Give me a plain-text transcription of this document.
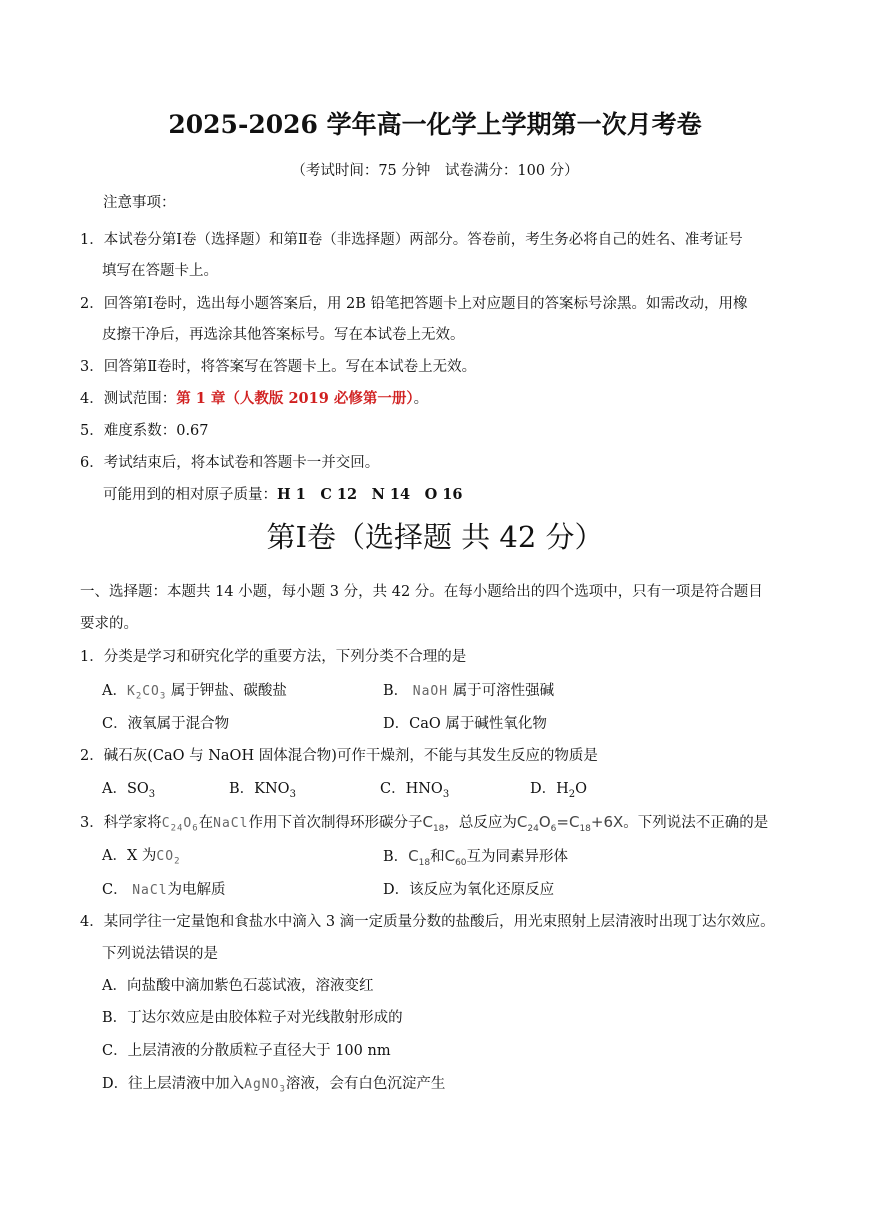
2025-2026 学年高一化学上学期第一次月考卷
（考试时间：75 分钟　试卷满分：100 分）
注意事项：
1．本试卷分第Ⅰ卷（选择题）和第Ⅱ卷（非选择题）两部分。答卷前，考生务必将自己的姓名、准考证号
填写在答题卡上。
2．回答第Ⅰ卷时，选出每小题答案后，用 2B 铅笔把答题卡上对应题目的答案标号涂黑。如需改动，用橡
皮擦干净后，再选涂其他答案标号。写在本试卷上无效。
3．回答第Ⅱ卷时，将答案写在答题卡上。写在本试卷上无效。
4．测试范围：第 1 章（人教版 2019 必修第一册）。
5．难度系数：0.67
6．考试结束后，将本试卷和答题卡一并交回。
可能用到的相对原子质量：H 1　C 12　N 14　O 16
第Ⅰ卷（选择题 共 42 分）
一、选择题：本题共 14 小题，每小题 3 分，共 42 分。在每小题给出的四个选项中，只有一项是符合题目
要求的。
1．分类是学习和研究化学的重要方法，下列分类不合理的是
A．$K_2CO_3$ 属于钾盐、碳酸盐	B． NaOH 属于可溶性强碱
C．液氧属于混合物	D．CaO 属于碱性氧化物
2．碱石灰(CaO 与 NaOH 固体混合物)可作干燥剂，不能与其发生反应的物质是
A．$SO_3$	B．$KNO_3$	C．$HNO_3$	D．$H_2O$
3．科学家将$C_{24}O_6$在NaCl作用下首次制得环形碳分子$C_{18}$，总反应为$C_{24}O_6=C_{18}+6X$。下列说法不正确的是
A．X 为$CO_2$	B．$C_{18}$和$C_{60}$互为同素异形体
C． NaCl为电解质	D．该反应为氧化还原反应
4．某同学往一定量饱和食盐水中滴入 3 滴一定质量分数的盐酸后，用光束照射上层清液时出现丁达尔效应。
下列说法错误的是
A．向盐酸中滴加紫色石蕊试液，溶液变红
B．丁达尔效应是由胶体粒子对光线散射形成的
C．上层清液的分散质粒子直径大于 100 nm
D．往上层清液中加入AgNO$_3$溶液，会有白色沉淀产生
